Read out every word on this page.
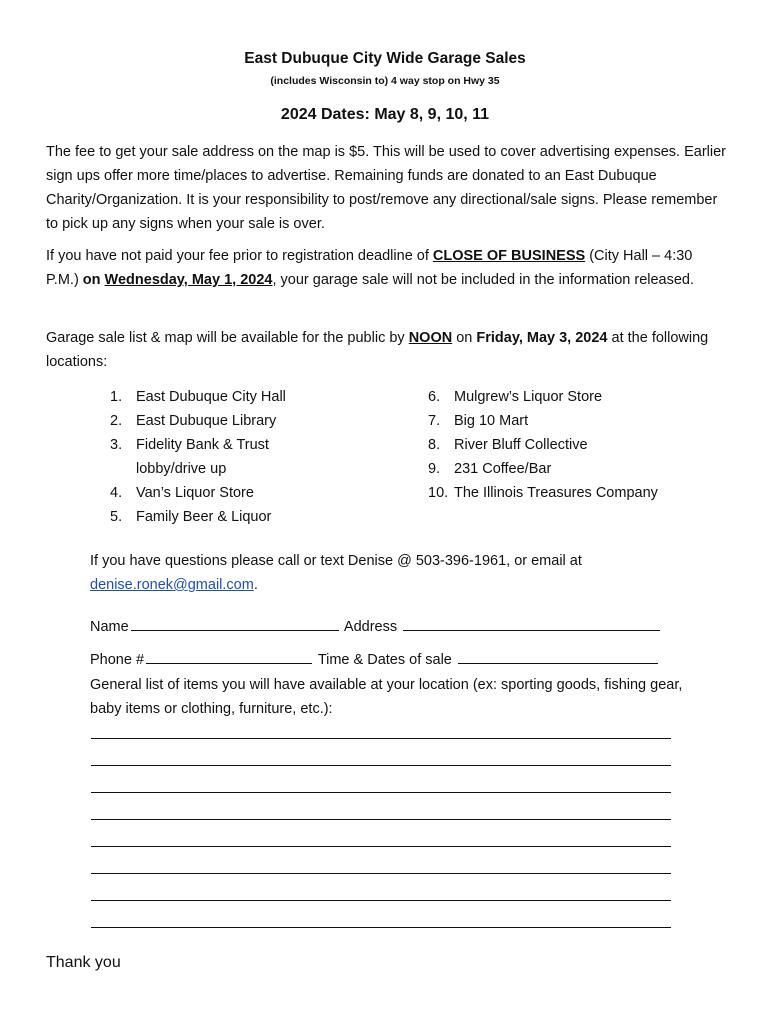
East Dubuque City Wide Garage Sales
(includes Wisconsin to) 4 way stop on Hwy 35
2024 Dates: May 8, 9, 10, 11
The fee to get your sale address on the map is $5. This will be used to cover advertising expenses. Earlier sign ups offer more time/places to advertise. Remaining funds are donated to an East Dubuque Charity/Organization. It is your responsibility to post/remove any directional/sale signs. Please remember to pick up any signs when your sale is over.
If you have not paid your fee prior to registration deadline of CLOSE OF BUSINESS (City Hall – 4:30 P.M.) on Wednesday, May 1, 2024, your garage sale will not be included in the information released.
Garage sale list & map will be available for the public by NOON on Friday, May 3, 2024 at the following locations:
1. East Dubuque City Hall
2. East Dubuque Library
3. Fidelity Bank & Trust lobby/drive up
4. Van’s Liquor Store
5. Family Beer & Liquor
6. Mulgrew’s Liquor Store
7. Big 10 Mart
8. River Bluff Collective
9. 231 Coffee/Bar
10. The Illinois Treasures Company
If you have questions please call or text Denise @ 503-396-1961, or email at denise.ronek@gmail.com.
Name	Address
Phone #	Time & Dates of sale
General list of items you will have available at your location (ex: sporting goods, fishing gear, baby items or clothing, furniture, etc.):
Thank you
